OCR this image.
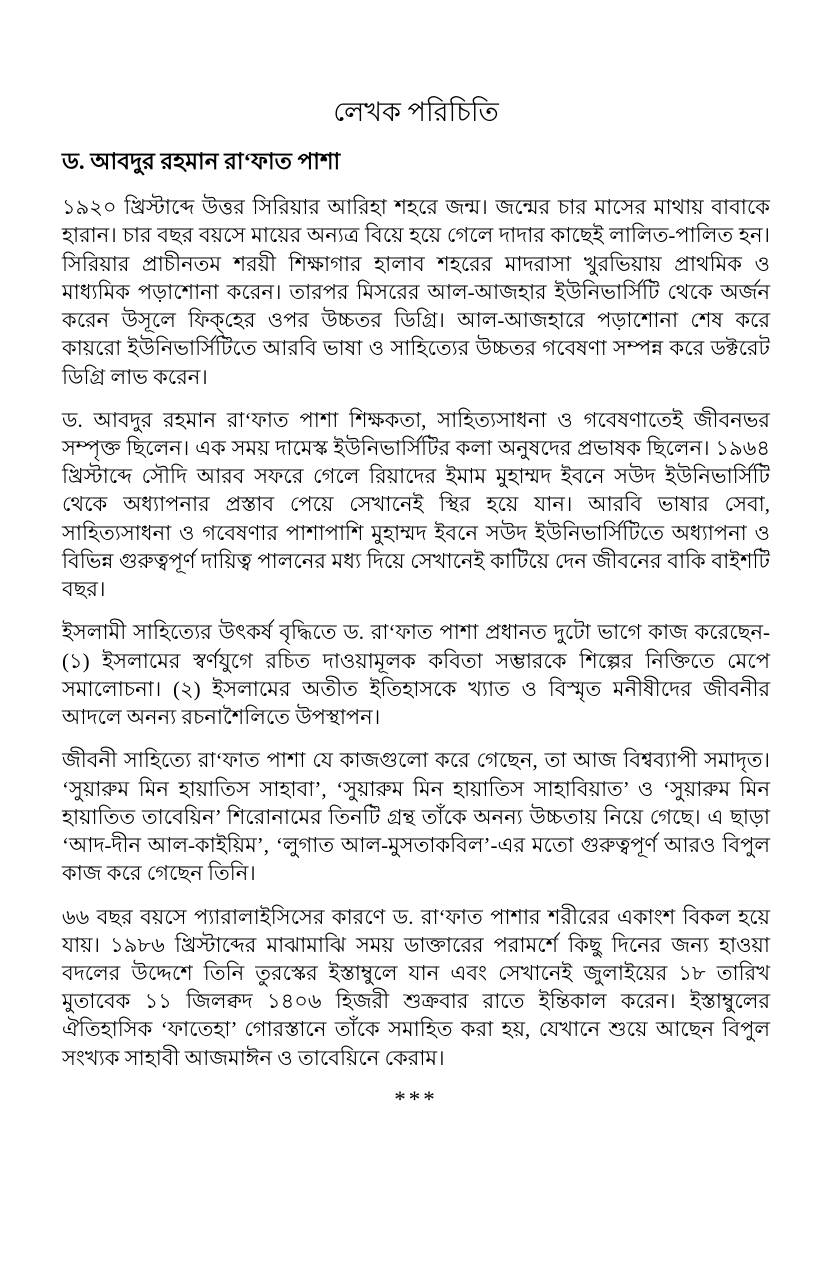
লেখক পরিচিতি
ড. আবদুর রহমান রা‘ফাত পাশা

১৯২০ খ্রিস্টাব্দে উত্তর সিরিয়ার আরিহা শহরে জন্ম। জন্মের চার মাসের মাথায় বাবাকে হারান। চার বছর বয়সে মায়ের অন্যত্র বিয়ে হয়ে গেলে দাদার কাছেই লালিত-পালিত হন। সিরিয়ার প্রাচীনতম শরয়ী শিক্ষাগার হালাব শহরের মাদরাসা খুরভিয়ায় প্রাথমিক ও মাধ্যমিক পড়াশোনা করেন। তারপর মিসরের আল-আজহার ইউনিভার্সিটি থেকে অর্জন করেন উসূলে ফিক্‌হের ওপর উচ্চতর ডিগ্রি। আল-আজহারে পড়াশোনা শেষ করে কায়রো ইউনিভার্সিটিতে আরবি ভাষা ও সাহিত্যের উচ্চতর গবেষণা সম্পন্ন করে ডক্টরেট ডিগ্রি লাভ করেন।

ড. আবদুর রহমান রা‘ফাত পাশা শিক্ষকতা, সাহিত্যসাধনা ও গবেষণাতেই জীবনভর সম্পৃক্ত ছিলেন। এক সময় দামেস্ক ইউনিভার্সিটির কলা অনুষদের প্রভাষক ছিলেন। ১৯৬৪ খ্রিস্টাব্দে সৌদি আরব সফরে গেলে রিয়াদের ইমাম মুহাম্মদ ইবনে সউদ ইউনিভার্সিটি থেকে অধ্যাপনার প্রস্তাব পেয়ে সেখানেই স্থির হয়ে যান। আরবি ভাষার সেবা, সাহিত্যসাধনা ও গবেষণার পাশাপাশি মুহাম্মদ ইবনে সউদ ইউনিভার্সিটিতে অধ্যাপনা ও বিভিন্ন গুরুত্বপূর্ণ দায়িত্ব পালনের মধ্য দিয়ে সেখানেই কাটিয়ে দেন জীবনের বাকি বাইশটি বছর।

ইসলামী সাহিত্যের উৎকর্ষ বৃদ্ধিতে ড. রা‘ফাত পাশা প্রধানত দুটো ভাগে কাজ করেছেন- (১) ইসলামের স্বর্ণযুগে রচিত দাওয়ামূলক কবিতা সম্ভারকে শিল্পের নিক্তিতে মেপে সমালোচনা। (২) ইসলামের অতীত ইতিহাসকে খ্যাত ও বিস্মৃত মনীষীদের জীবনীর আদলে অনন্য রচনাশৈলিতে উপস্থাপন।

জীবনী সাহিত্যে রা‘ফাত পাশা যে কাজগুলো করে গেছেন, তা আজ বিশ্বব্যাপী সমাদৃত। ‘সুয়ারুম মিন হায়াতিস সাহাবা’, ‘সুয়ারুম মিন হায়াতিস সাহাবিয়াত’ ও ‘সুয়ারুম মিন হায়াতিত তাবেয়িন’ শিরোনামের তিনটি গ্রন্থ তাঁকে অনন্য উচ্চতায় নিয়ে গেছে। এ ছাড়া ‘আদ-দীন আল-কাইয়িম’, ‘লুগাত আল-মুসতাকবিল’-এর মতো গুরুত্বপূর্ণ আরও বিপুল কাজ করে গেছেন তিনি।

৬৬ বছর বয়সে প্যারালাইসিসের কারণে ড. রা‘ফাত পাশার শরীরের একাংশ বিকল হয়ে যায়। ১৯৮৬ খ্রিস্টাব্দের মাঝামাঝি সময় ডাক্তারের পরামর্শে কিছু দিনের জন্য হাওয়া বদলের উদ্দেশে তিনি তুরস্কের ইস্তাম্বুলে যান এবং সেখানেই জুলাইয়ের ১৮ তারিখ মুতাবেক ১১ জিলক্বদ ১৪০৬ হিজরী শুক্রবার রাতে ইন্তিকাল করেন। ইস্তাম্বুলের ঐতিহাসিক ‘ফাতেহা’ গোরস্তানে তাঁকে সমাহিত করা হয়, যেখানে শুয়ে আছেন বিপুল সংখ্যক সাহাবী আজমাঈন ও তাবেয়িনে কেরাম।

***
